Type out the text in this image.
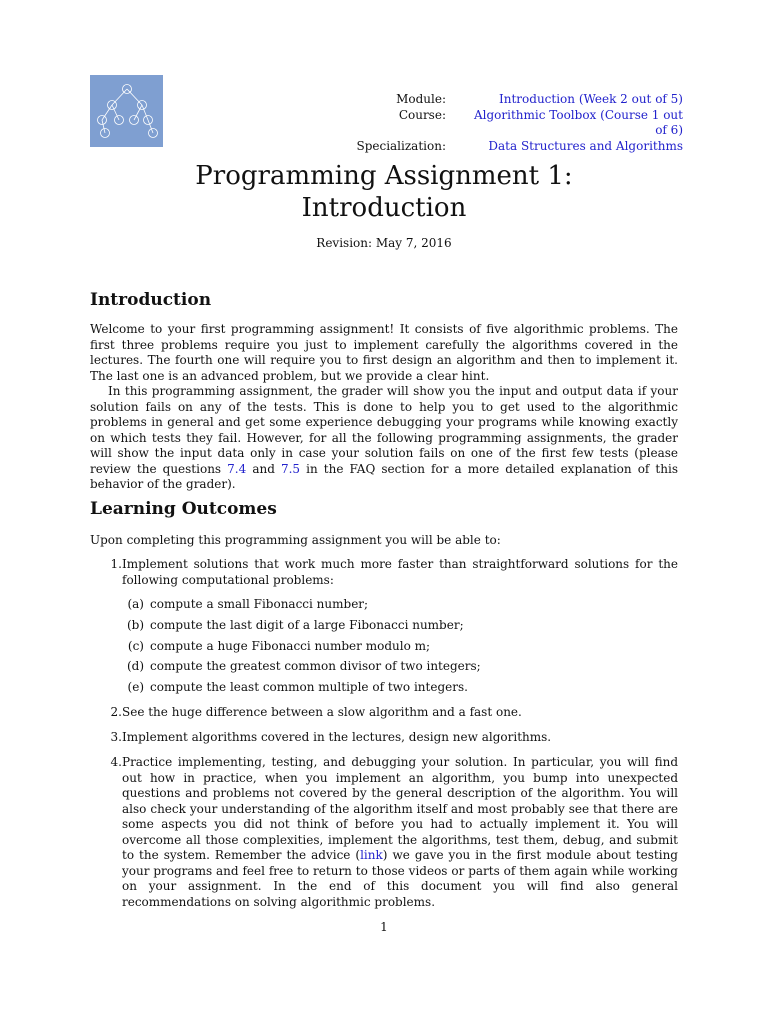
Module:	Introduction (Week 2 out of 5)
Course:	Algorithmic Toolbox (Course 1 out of 6)
Specialization:	Data Structures and Algorithms
Programming Assignment 1:
Introduction
Revision: May 7, 2016
Introduction
Welcome to your first programming assignment! It consists of five algorithmic problems. The first three problems require you just to implement carefully the algorithms covered in the lectures. The fourth one will require you to first design an algorithm and then to implement it. The last one is an advanced problem, but we provide a clear hint.
In this programming assignment, the grader will show you the input and output data if your solution fails on any of the tests. This is done to help you to get used to the algorithmic problems in general and get some experience debugging your programs while knowing exactly on which tests they fail. However, for all the following programming assignments, the grader will show the input data only in case your solution fails on one of the first few tests (please review the questions 7.4 and 7.5 in the FAQ section for a more detailed explanation of this behavior of the grader).
Learning Outcomes
Upon completing this programming assignment you will be able to:
1. Implement solutions that work much more faster than straightforward solutions for the following computational problems:
(a) compute a small Fibonacci number;
(b) compute the last digit of a large Fibonacci number;
(c) compute a huge Fibonacci number modulo m;
(d) compute the greatest common divisor of two integers;
(e) compute the least common multiple of two integers.
2. See the huge difference between a slow algorithm and a fast one.
3. Implement algorithms covered in the lectures, design new algorithms.
4. Practice implementing, testing, and debugging your solution. In particular, you will find out how in practice, when you implement an algorithm, you bump into unexpected questions and problems not covered by the general description of the algorithm. You will also check your understanding of the algorithm itself and most probably see that there are some aspects you did not think of before you had to actually implement it. You will overcome all those complexities, implement the algorithms, test them, debug, and submit to the system. Remember the advice (link) we gave you in the first module about testing your programs and feel free to return to those videos or parts of them again while working on your assignment. In the end of this document you will find also general recommendations on solving algorithmic problems.
1
